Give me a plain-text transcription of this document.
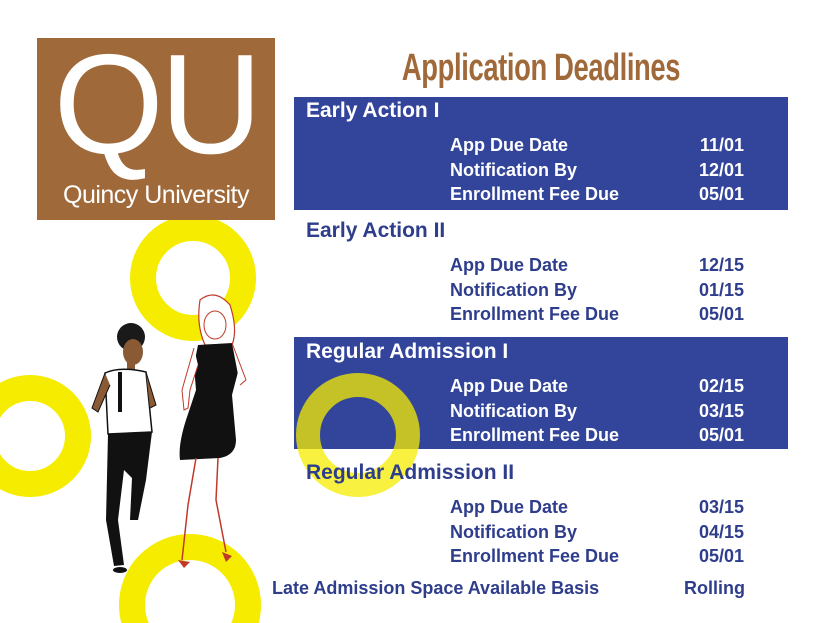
QU
Quincy University
Application Deadlines
Early Action I
App Due Date	11/01
Notification By	12/01
Enrollment Fee Due	05/01
Early Action II
App Due Date	12/15
Notification By	01/15
Enrollment Fee Due	05/01
Regular Admission I
App Due Date	02/15
Notification By	03/15
Enrollment Fee Due	05/01
Regular Admission II
App Due Date	03/15
Notification By	04/15
Enrollment Fee Due	05/01
Late Admission Space Available Basis	Rolling
